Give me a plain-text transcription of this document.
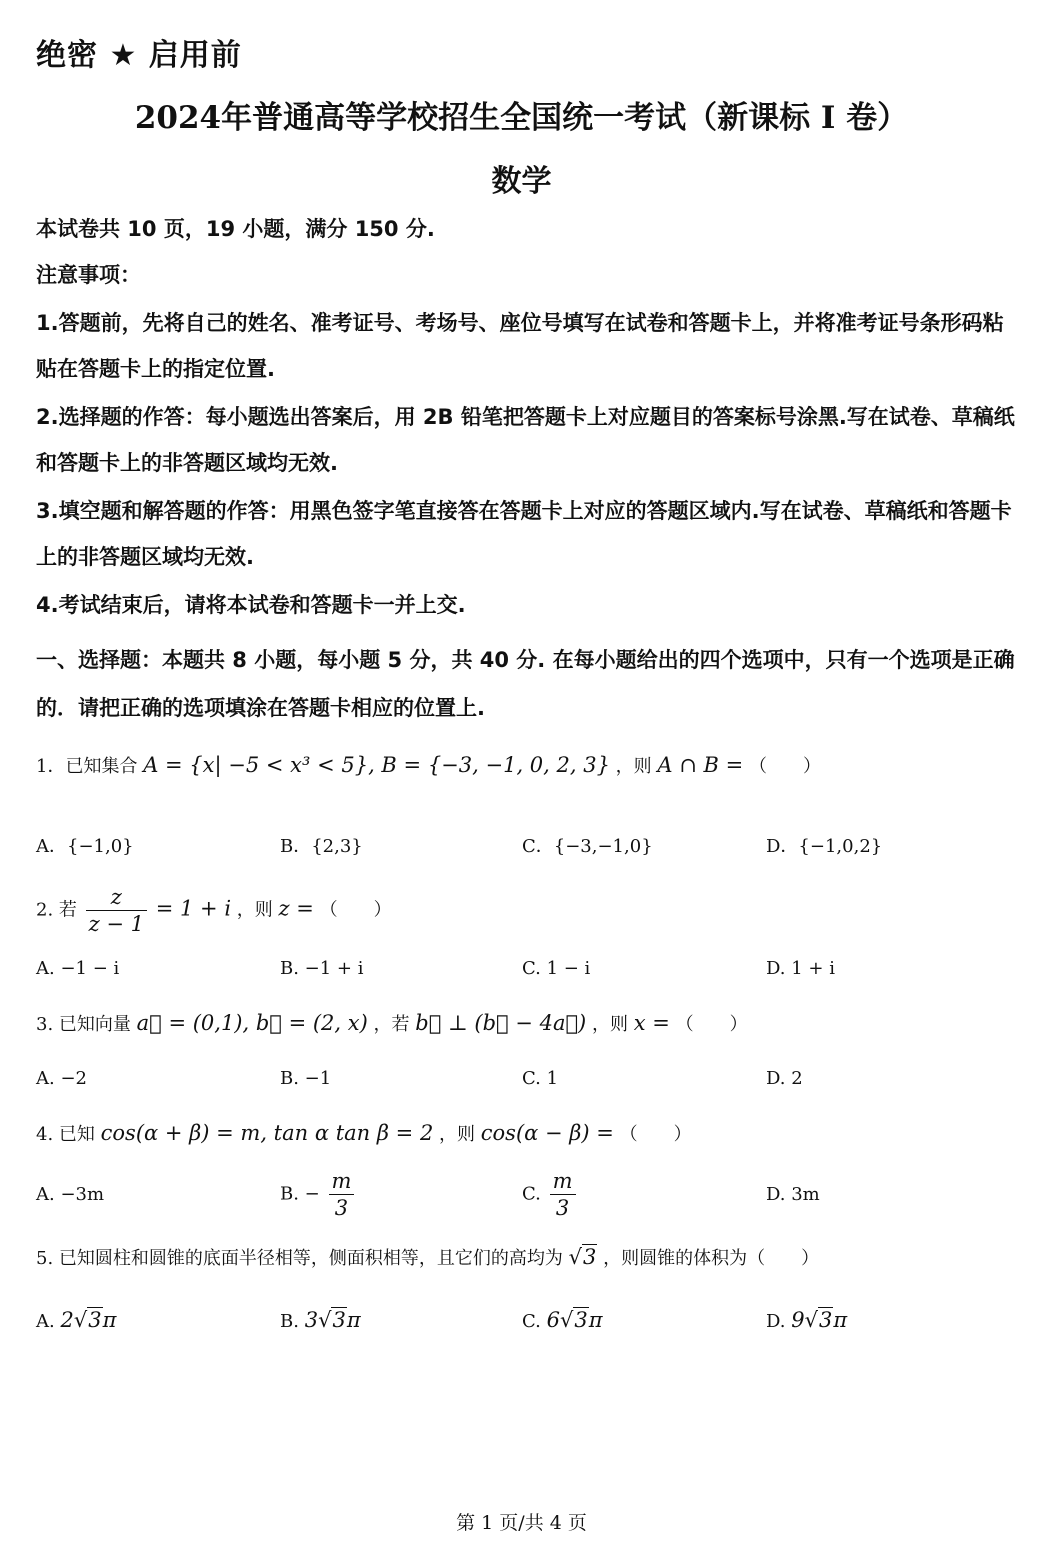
绝密 ★ 启用前
2024年普通高等学校招生全国统一考试（新课标 I 卷）
数学
本试卷共 10 页，19 小题，满分 150 分.
注意事项：
1.答题前，先将自己的姓名、准考证号、考场号、座位号填写在试卷和答题卡上，并将准考证号条形码粘贴在答题卡上的指定位置.
2.选择题的作答：每小题选出答案后，用 2B 铅笔把答题卡上对应题目的答案标号涂黑.写在试卷、草稿纸和答题卡上的非答题区域均无效.
3.填空题和解答题的作答：用黑色签字笔直接答在答题卡上对应的答题区域内.写在试卷、草稿纸和答题卡上的非答题区域均无效.
4.考试结束后，请将本试卷和答题卡一并上交.
一、选择题：本题共 8 小题，每小题 5 分，共 40 分. 在每小题给出的四个选项中，只有一个选项是正确的．请把正确的选项填涂在答题卡相应的位置上.
1．已知集合 A = {x| −5 < x³ < 5}, B = {−3, −1, 0, 2, 3} ，则 A ∩ B = （　　）
A．{−1,0}	B．{2,3}	C．{−3,−1,0}	D．{−1,0,2}
2. 若 $\frac{z}{z - 1} = 1 + i$ ，则 z = （　　）
A. −1 − i	B. −1 + i	C. 1 − i	D. 1 + i
3. 已知向量 a⃗ = (0,1), b⃗ = (2, x) ，若 b⃗ ⊥ (b⃗ − 4a⃗) ，则 x = （　　）
A. −2	B. −1	C. 1	D. 2
4. 已知 cos(α + β) = m, tan α tan β = 2 ，则 cos(α − β) = （　　）
A. −3m	B. − $\frac{m}{3}$	C. $\frac{m}{3}$	D. 3m
5. 已知圆柱和圆锥的底面半径相等，侧面积相等，且它们的高均为 √3 ，则圆锥的体积为（　　）
A. 2√3π	B. 3√3π	C. 6√3π	D. 9√3π
第 1 页/共 4 页
